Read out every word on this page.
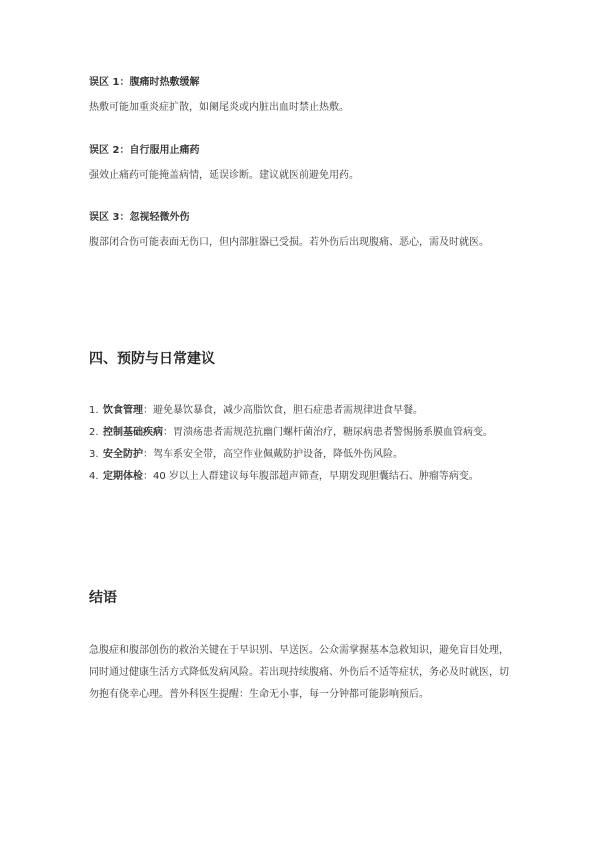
误区 1：腹痛时热敷缓解
热敷可能加重炎症扩散，如阑尾炎或内脏出血时禁止热敷。
误区 2：自行服用止痛药
强效止痛药可能掩盖病情，延误诊断。建议就医前避免用药。
误区 3：忽视轻微外伤
腹部闭合伤可能表面无伤口，但内部脏器已受损。若外伤后出现腹痛、恶心，需及时就医。
四、预防与日常建议
1. 饮食管理：避免暴饮暴食，减少高脂饮食，胆石症患者需规律进食早餐。
2. 控制基础疾病：胃溃疡患者需规范抗幽门螺杆菌治疗，糖尿病患者警惕肠系膜血管病变。
3. 安全防护：驾车系安全带，高空作业佩戴防护设备，降低外伤风险。
4. 定期体检：40 岁以上人群建议每年腹部超声筛查，早期发现胆囊结石、肿瘤等病变。
结语
急腹症和腹部创伤的救治关键在于早识别、早送医。公众需掌握基本急救知识，避免盲目处理，同时通过健康生活方式降低发病风险。若出现持续腹痛、外伤后不适等症状，务必及时就医，切勿抱有侥幸心理。普外科医生提醒：生命无小事，每一分钟都可能影响预后。
